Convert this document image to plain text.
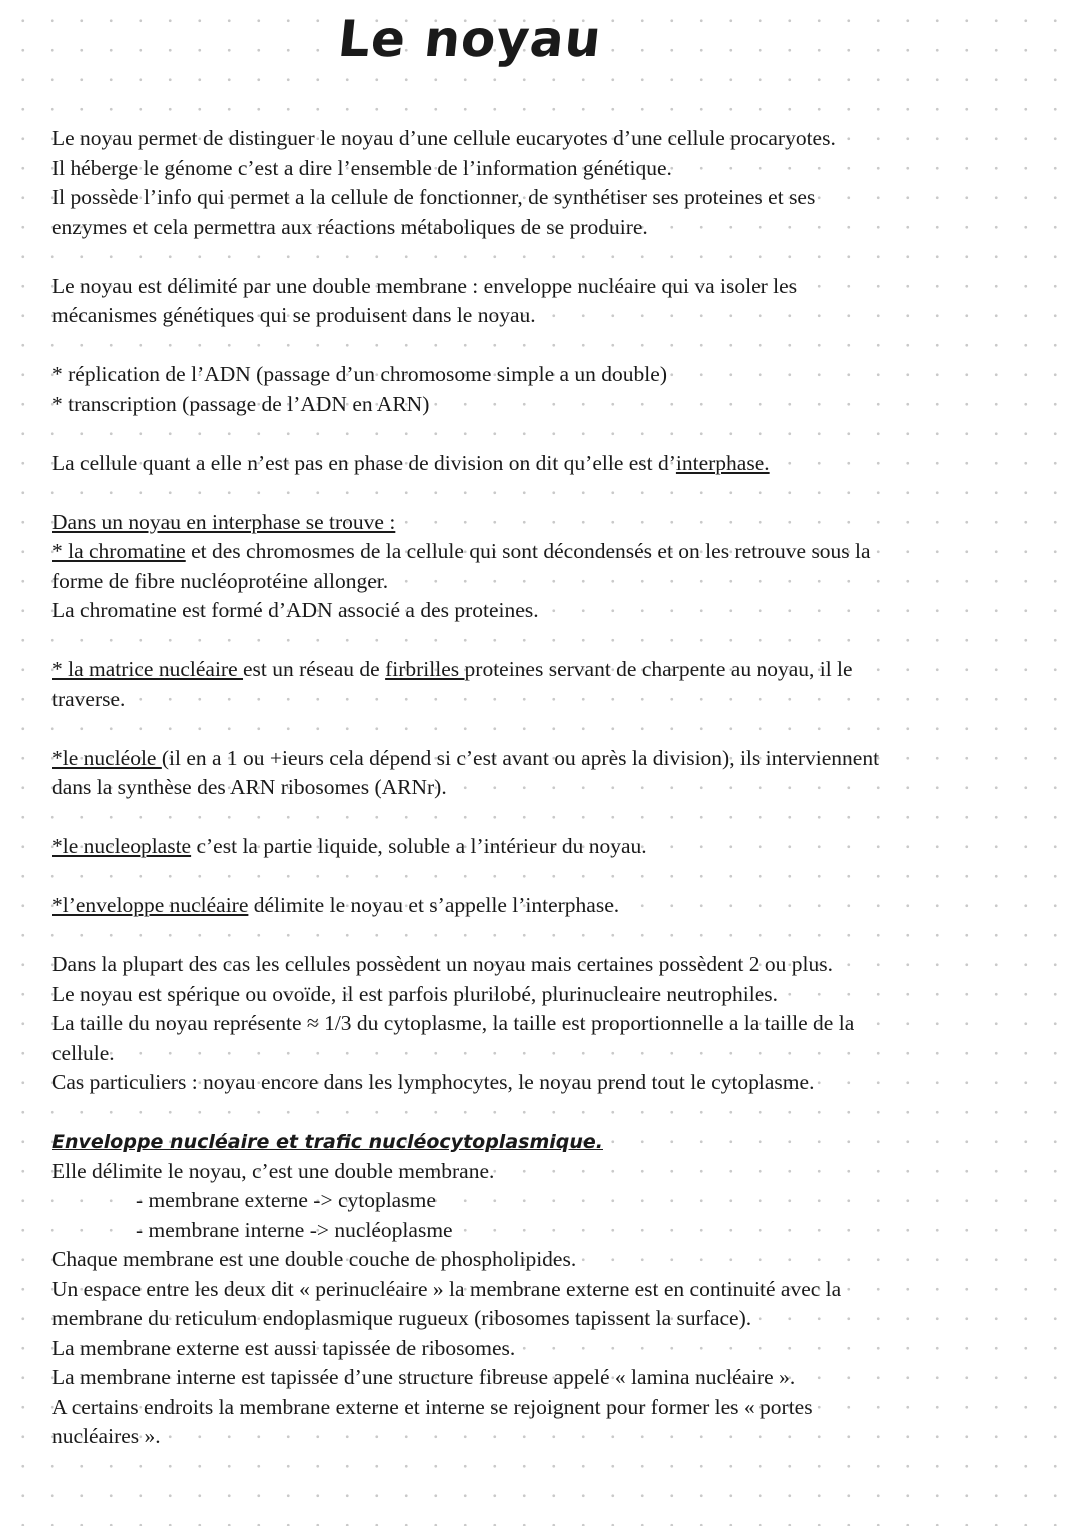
Le noyau
Le noyau permet de distinguer le noyau d’une cellule eucaryotes d’une cellule procaryotes.
Il héberge le génome c’est a dire l’ensemble de l’information génétique.
Il possède l’info qui permet a la cellule de fonctionner, de synthétiser ses proteines et ses
enzymes et cela permettra aux réactions métaboliques de se produire.
Le noyau est délimité par une double membrane : enveloppe nucléaire qui va isoler les
mécanismes génétiques qui se produisent dans le noyau.
* réplication de l’ADN (passage d’un chromosome simple a un double)
* transcription (passage de l’ADN en ARN)
La cellule quant a elle n’est pas en phase de division on dit qu’elle est d’interphase.
Dans un noyau en interphase se trouve :
* la chromatine et des chromosmes de la cellule qui sont décondensés et on les retrouve sous la
forme de fibre nucléoprotéine allonger.
La chromatine est formé d’ADN associé a des proteines.
* la matrice nucléaire est un réseau de firbrilles proteines servant de charpente au noyau, il le
traverse.
*le nucléole (il en a 1 ou +ieurs cela dépend si c’est avant ou après la division), ils interviennent
dans la synthèse des ARN ribosomes (ARNr).
*le nucleoplaste c’est la partie liquide, soluble a l’intérieur du noyau.
*l’enveloppe nucléaire délimite le noyau et s’appelle l’interphase.
Dans la plupart des cas les cellules possèdent un noyau mais certaines possèdent 2 ou plus.
Le noyau est spérique ou ovoïde, il est parfois plurilobé, plurinucleaire neutrophiles.
La taille du noyau représente ≈ 1/3 du cytoplasme, la taille est proportionnelle a la taille de la
cellule.
Cas particuliers : noyau encore dans les lymphocytes, le noyau prend tout le cytoplasme.
Enveloppe nucléaire et trafic nucléocytoplasmique.
Elle délimite le noyau, c’est une double membrane.
- membrane externe -> cytoplasme
- membrane interne -> nucléoplasme
Chaque membrane est une double couche de phospholipides.
Un espace entre les deux dit « perinucléaire » la membrane externe est en continuité avec la
membrane du reticulum endoplasmique rugueux (ribosomes tapissent la surface).
La membrane externe est aussi tapissée de ribosomes.
La membrane interne est tapissée d’une structure fibreuse appelé « lamina nucléaire ».
A certains endroits la membrane externe et interne se rejoignent pour former les « portes
nucléaires ».
